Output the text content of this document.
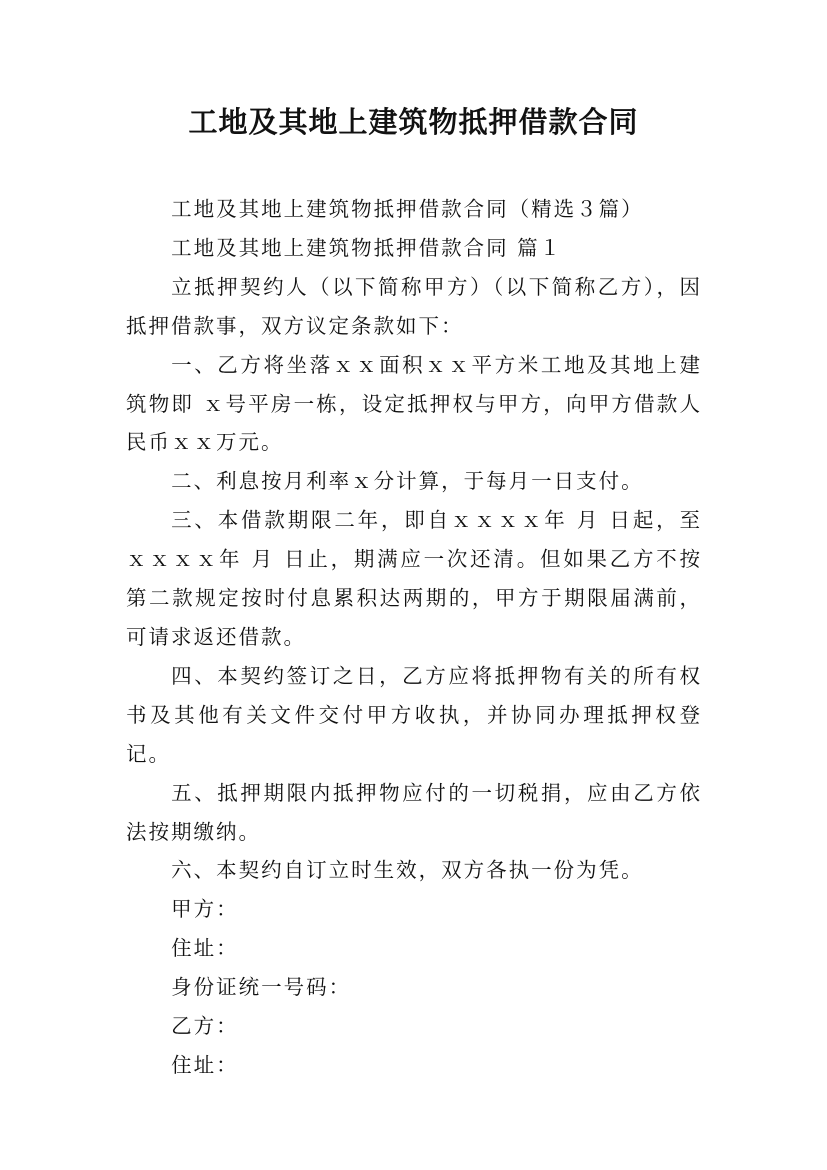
工地及其地上建筑物抵押借款合同

工地及其地上建筑物抵押借款合同（精选３篇）

工地及其地上建筑物抵押借款合同 篇１

立抵押契约人（以下简称甲方）（以下简称乙方），因抵押借款事，双方议定条款如下：

一、乙方将坐落ｘｘ面积ｘｘ平方米工地及其地上建筑物即 ｘ号平房一栋，设定抵押权与甲方，向甲方借款人民币ｘｘ万元。

二、利息按月利率ｘ分计算，于每月一日支付。

三、本借款期限二年，即自ｘｘｘｘ年 月 日起，至ｘｘｘｘ年 月 日止，期满应一次还清。但如果乙方不按第二款规定按时付息累积达两期的，甲方于期限届满前，可请求返还借款。

四、本契约签订之日，乙方应将抵押物有关的所有权书及其他有关文件交付甲方收执，并协同办理抵押权登记。

五、抵押期限内抵押物应付的一切税捐，应由乙方依法按期缴纳。

六、本契约自订立时生效，双方各执一份为凭。

甲方：

住址：

身份证统一号码：

乙方：

住址：
